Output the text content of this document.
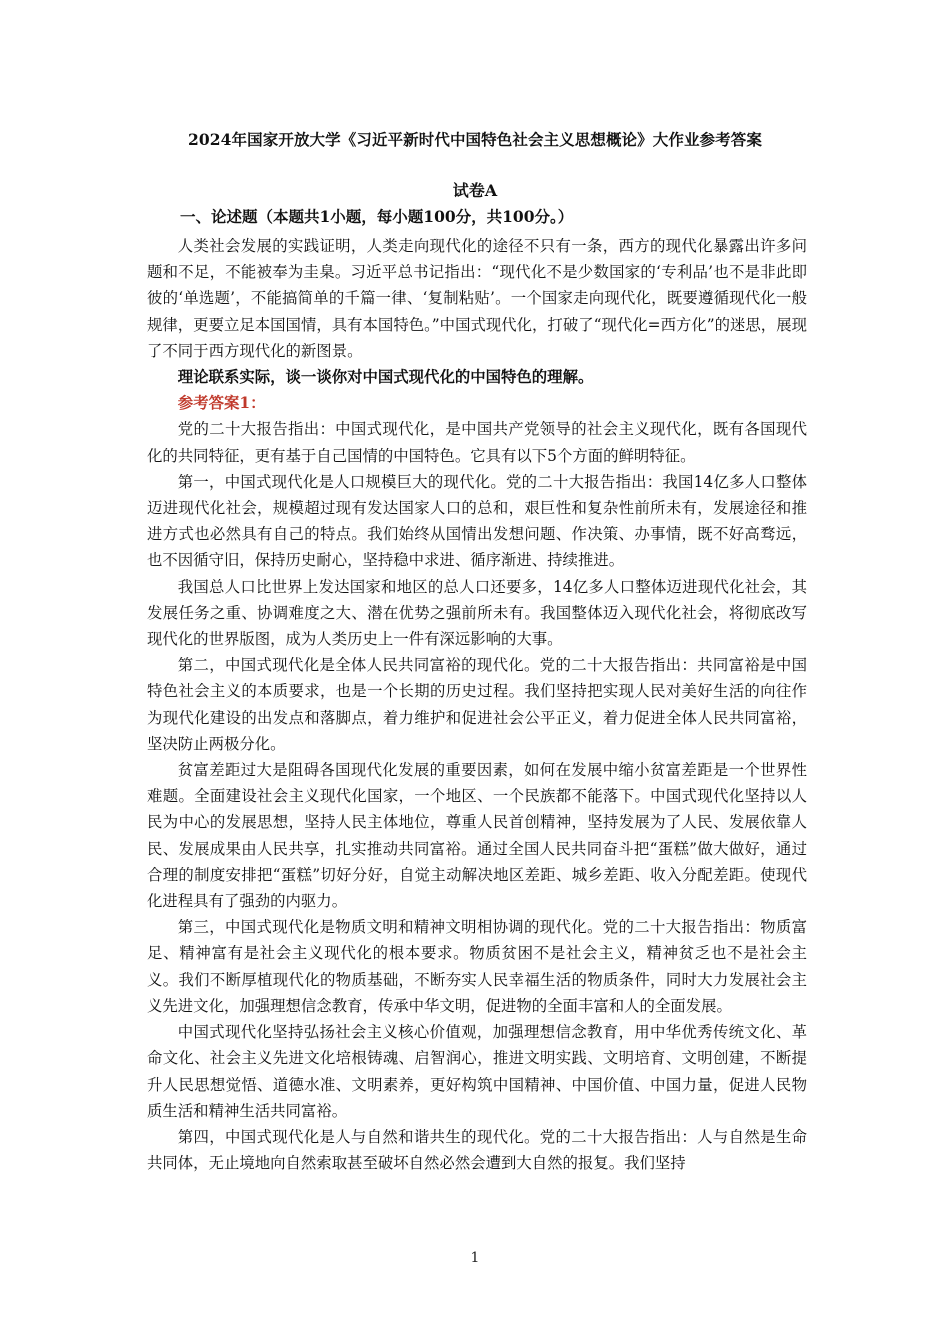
2024年国家开放大学《习近平新时代中国特色社会主义思想概论》大作业参考答案
试卷A
一、论述题（本题共1小题，每小题100分，共100分。）

人类社会发展的实践证明，人类走向现代化的途径不只有一条，西方的现代化暴露出许多问题和不足，不能被奉为圭臬。习近平总书记指出：“现代化不是少数国家的‘专利品’也不是非此即彼的‘单选题’，不能搞简单的千篇一律、‘复制粘贴’。一个国家走向现代化，既要遵循现代化一般规律，更要立足本国国情，具有本国特色。”中国式现代化，打破了“现代化=西方化”的迷思，展现了不同于西方现代化的新图景。

理论联系实际，谈一谈你对中国式现代化的中国特色的理解。

参考答案1：

党的二十大报告指出：中国式现代化，是中国共产党领导的社会主义现代化，既有各国现代化的共同特征，更有基于自己国情的中国特色。它具有以下5个方面的鲜明特征。

第一，中国式现代化是人口规模巨大的现代化。党的二十大报告指出：我国14亿多人口整体迈进现代化社会，规模超过现有发达国家人口的总和，艰巨性和复杂性前所未有，发展途径和推进方式也必然具有自己的特点。我们始终从国情出发想问题、作决策、办事情，既不好高骛远，也不因循守旧，保持历史耐心，坚持稳中求进、循序渐进、持续推进。

我国总人口比世界上发达国家和地区的总人口还要多，14亿多人口整体迈进现代化社会，其发展任务之重、协调难度之大、潜在优势之强前所未有。我国整体迈入现代化社会，将彻底改写现代化的世界版图，成为人类历史上一件有深远影响的大事。

第二，中国式现代化是全体人民共同富裕的现代化。党的二十大报告指出：共同富裕是中国特色社会主义的本质要求，也是一个长期的历史过程。我们坚持把实现人民对美好生活的向往作为现代化建设的出发点和落脚点，着力维护和促进社会公平正义，着力促进全体人民共同富裕，坚决防止两极分化。

贫富差距过大是阻碍各国现代化发展的重要因素，如何在发展中缩小贫富差距是一个世界性难题。全面建设社会主义现代化国家，一个地区、一个民族都不能落下。中国式现代化坚持以人民为中心的发展思想，坚持人民主体地位，尊重人民首创精神，坚持发展为了人民、发展依靠人民、发展成果由人民共享，扎实推动共同富裕。通过全国人民共同奋斗把“蛋糕”做大做好，通过合理的制度安排把“蛋糕”切好分好，自觉主动解决地区差距、城乡差距、收入分配差距。使现代化进程具有了强劲的内驱力。

第三，中国式现代化是物质文明和精神文明相协调的现代化。党的二十大报告指出：物质富足、精神富有是社会主义现代化的根本要求。物质贫困不是社会主义，精神贫乏也不是社会主义。我们不断厚植现代化的物质基础，不断夯实人民幸福生活的物质条件，同时大力发展社会主义先进文化，加强理想信念教育，传承中华文明，促进物的全面丰富和人的全面发展。

中国式现代化坚持弘扬社会主义核心价值观，加强理想信念教育，用中华优秀传统文化、革命文化、社会主义先进文化培根铸魂、启智润心，推进文明实践、文明培育、文明创建，不断提升人民思想觉悟、道德水准、文明素养，更好构筑中国精神、中国价值、中国力量，促进人民物质生活和精神生活共同富裕。

第四，中国式现代化是人与自然和谐共生的现代化。党的二十大报告指出：人与自然是生命共同体，无止境地向自然索取甚至破坏自然必然会遭到大自然的报复。我们坚持

1
